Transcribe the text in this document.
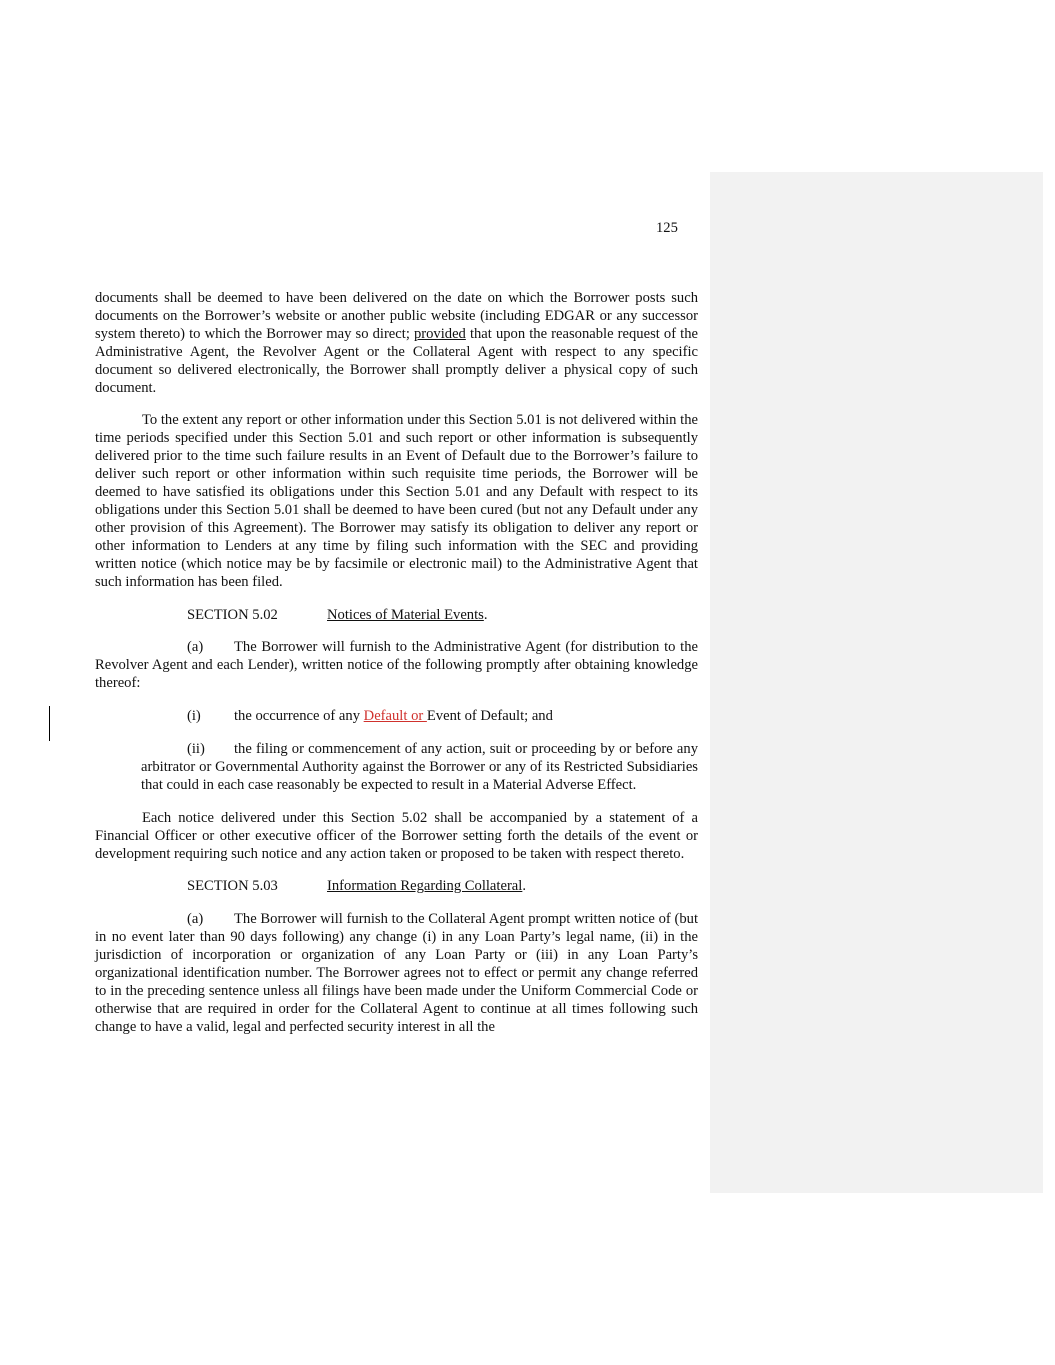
125

documents shall be deemed to have been delivered on the date on which the Borrower posts such documents on the Borrower’s website or another public website (including EDGAR or any successor system thereto) to which the Borrower may so direct; provided that upon the reasonable request of the Administrative Agent, the Revolver Agent or the Collateral Agent with respect to any specific document so delivered electronically, the Borrower shall promptly deliver a physical copy of such document.

To the extent any report or other information under this Section 5.01 is not delivered within the time periods specified under this Section 5.01 and such report or other information is subsequently delivered prior to the time such failure results in an Event of Default due to the Borrower’s failure to deliver such report or other information within such requisite time periods, the Borrower will be deemed to have satisfied its obligations under this Section 5.01 and any Default with respect to its obligations under this Section 5.01 shall be deemed to have been cured (but not any Default under any other provision of this Agreement). The Borrower may satisfy its obligation to deliver any report or other information to Lenders at any time by filing such information with the SEC and providing written notice (which notice may be by facsimile or electronic mail) to the Administrative Agent that such information has been filed.

SECTION 5.02	Notices of Material Events.

(a) The Borrower will furnish to the Administrative Agent (for distribution to the Revolver Agent and each Lender), written notice of the following promptly after obtaining knowledge thereof:

(i) the occurrence of any Default or Event of Default; and

(ii) the filing or commencement of any action, suit or proceeding by or before any arbitrator or Governmental Authority against the Borrower or any of its Restricted Subsidiaries that could in each case reasonably be expected to result in a Material Adverse Effect.

Each notice delivered under this Section 5.02 shall be accompanied by a statement of a Financial Officer or other executive officer of the Borrower setting forth the details of the event or development requiring such notice and any action taken or proposed to be taken with respect thereto.

SECTION 5.03	Information Regarding Collateral.

(a) The Borrower will furnish to the Collateral Agent prompt written notice of (but in no event later than 90 days following) any change (i) in any Loan Party’s legal name, (ii) in the jurisdiction of incorporation or organization of any Loan Party or (iii) in any Loan Party’s organizational identification number. The Borrower agrees not to effect or permit any change referred to in the preceding sentence unless all filings have been made under the Uniform Commercial Code or otherwise that are required in order for the Collateral Agent to continue at all times following such change to have a valid, legal and perfected security interest in all the
